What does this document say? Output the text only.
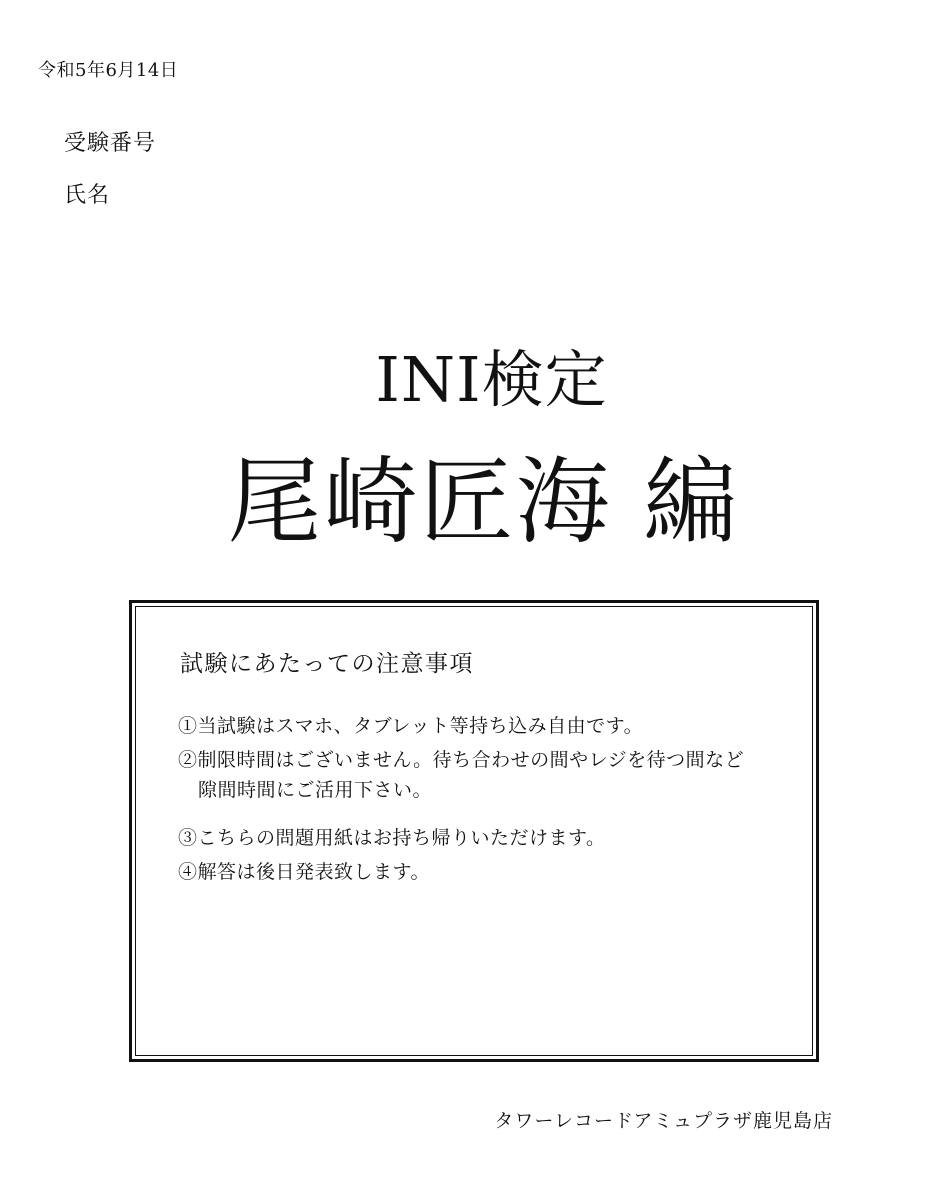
令和5年6月14日
受験番号
氏名
INI検定
尾崎匠海 編
試験にあたっての注意事項
①当試験はスマホ、タブレット等持ち込み自由です。
②制限時間はございません。待ち合わせの間やレジを待つ間など
隙間時間にご活用下さい。
③こちらの問題用紙はお持ち帰りいただけます。
④解答は後日発表致します。
タワーレコードアミュプラザ鹿児島店
